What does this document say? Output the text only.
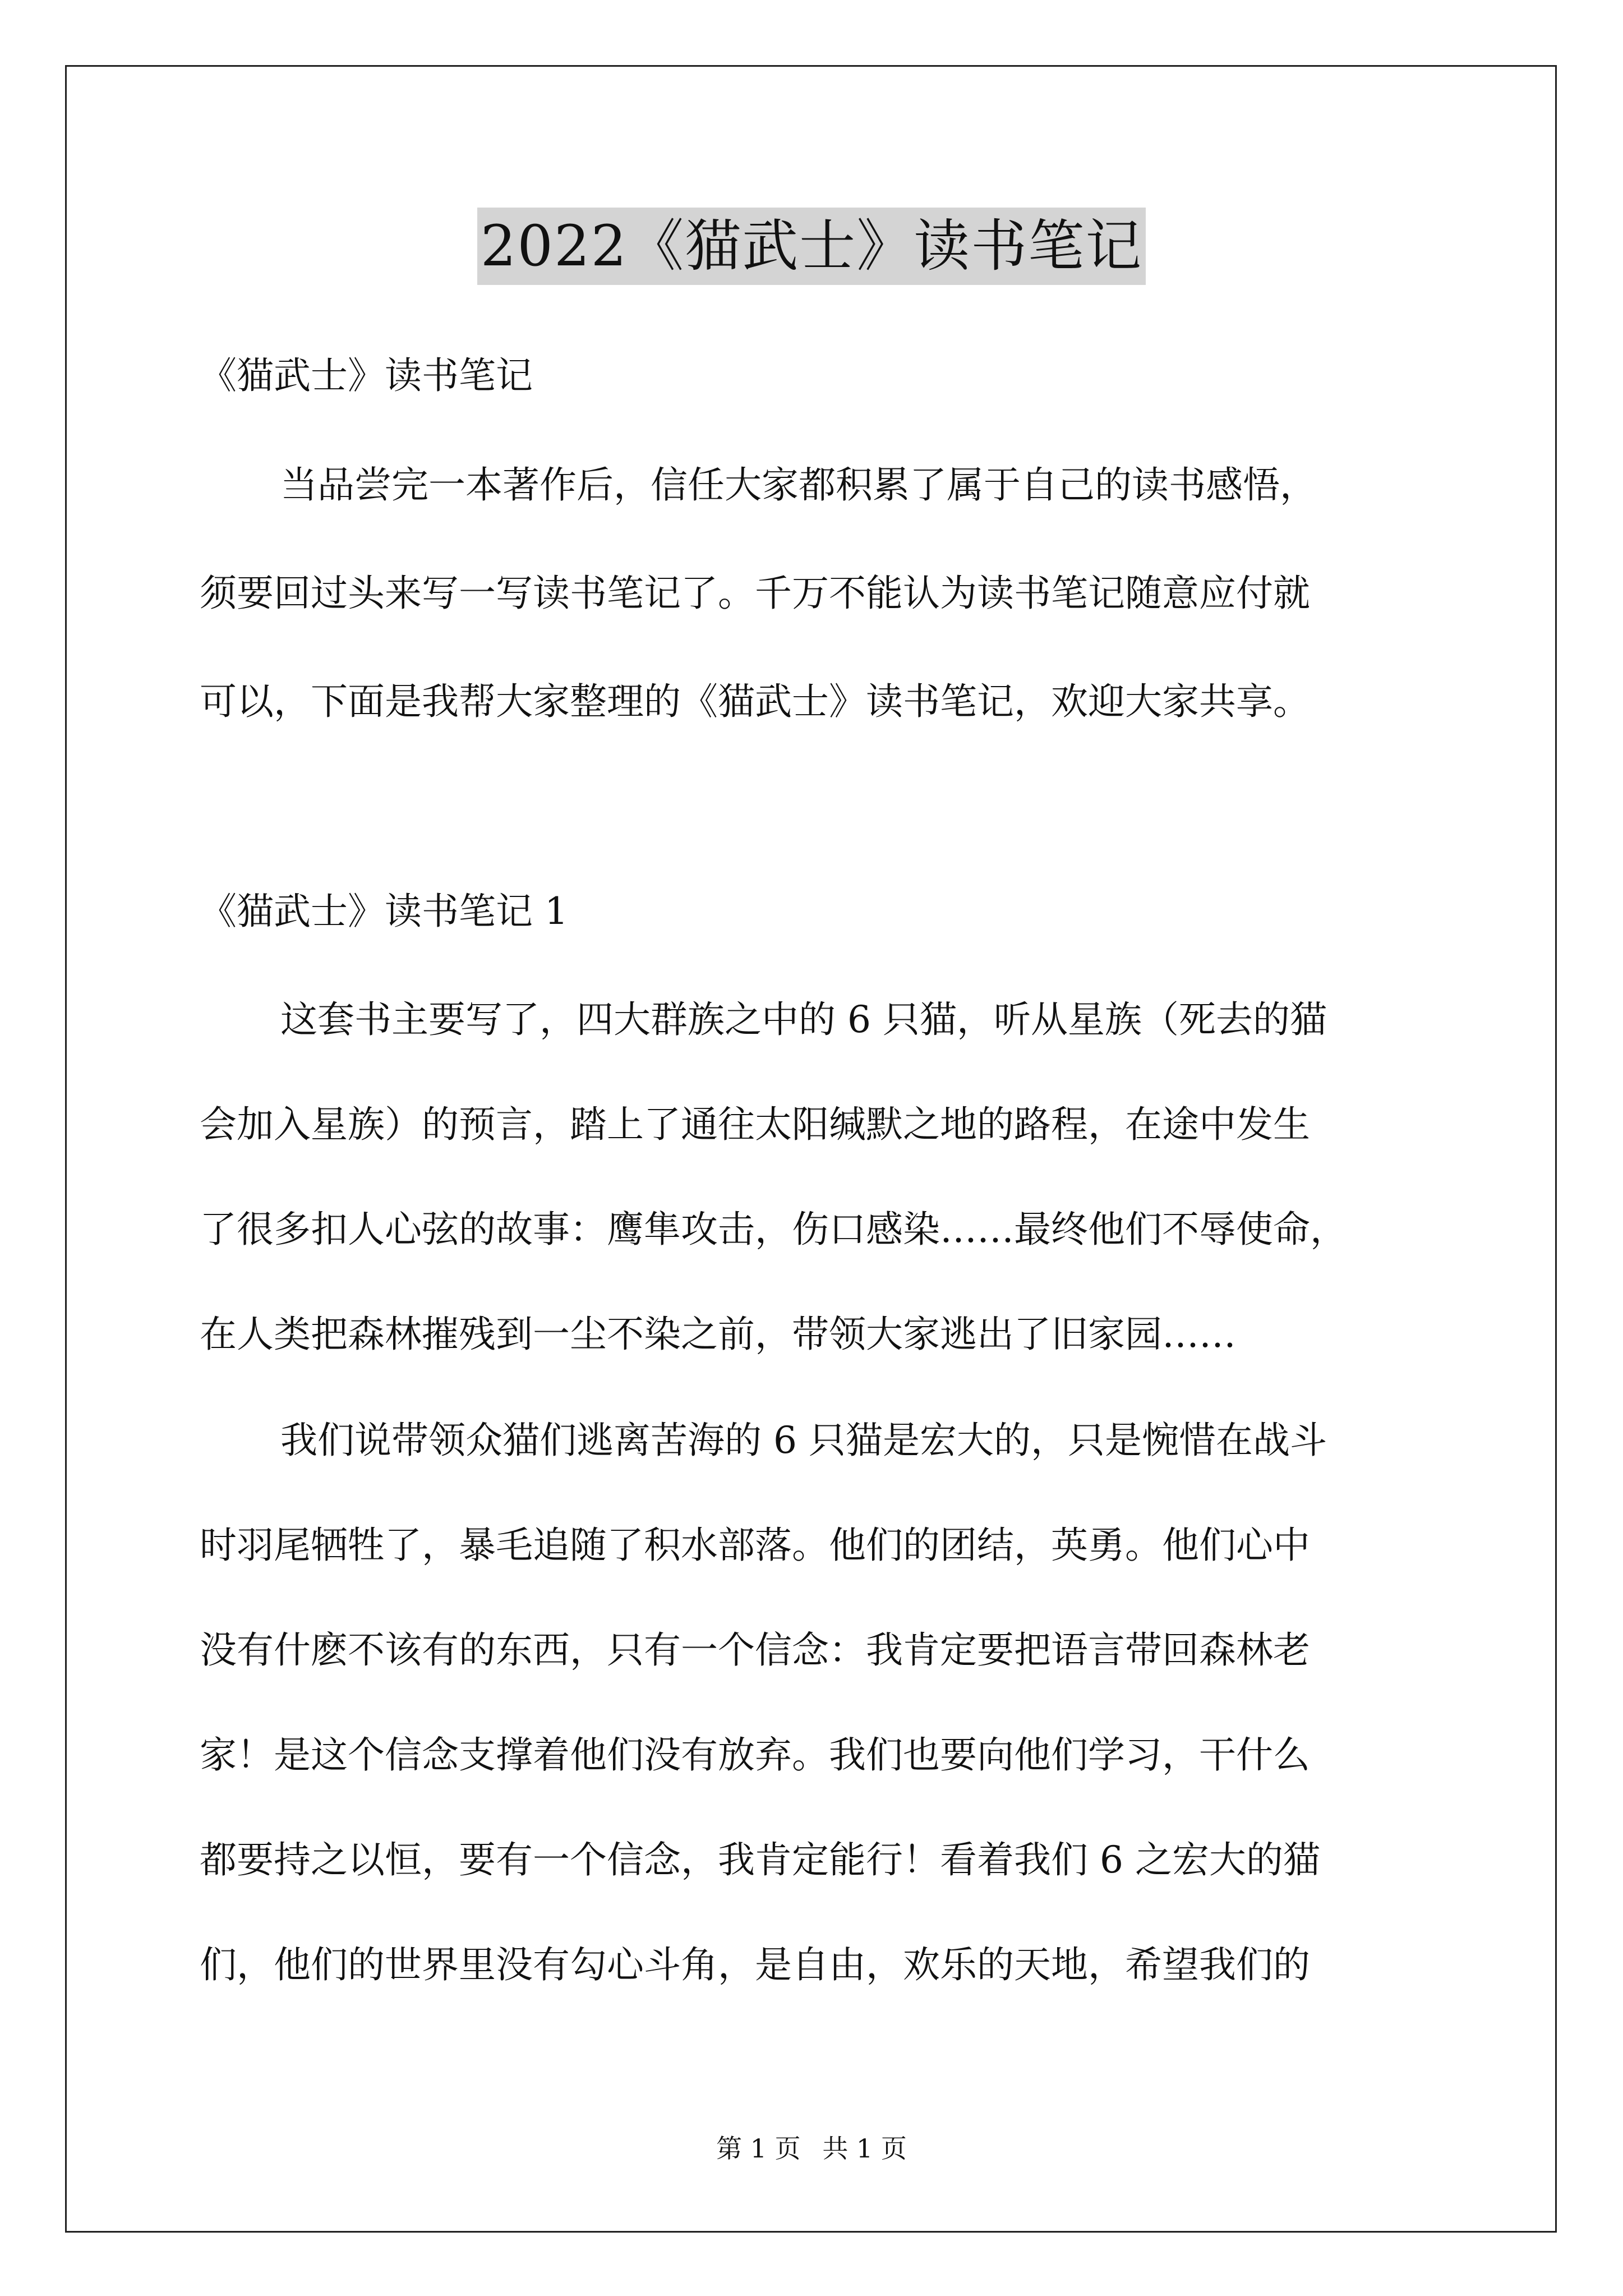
2022《猫武士》读书笔记
《猫武士》读书笔记
当品尝完一本著作后，信任大家都积累了属于自己的读书感悟，
须要回过头来写一写读书笔记了。千万不能认为读书笔记随意应付就
可以，下面是我帮大家整理的《猫武士》读书笔记，欢迎大家共享。
《猫武士》读书笔记 1
这套书主要写了，四大群族之中的 6 只猫，听从星族（死去的猫
会加入星族）的预言，踏上了通往太阳缄默之地的路程，在途中发生
了很多扣人心弦的故事：鹰隼攻击，伤口感染……最终他们不辱使命，
在人类把森林摧残到一尘不染之前，带领大家逃出了旧家园……
我们说带领众猫们逃离苦海的 6 只猫是宏大的，只是惋惜在战斗
时羽尾牺牲了，暴毛追随了积水部落。他们的团结，英勇。他们心中
没有什麽不该有的东西，只有一个信念：我肯定要把语言带回森林老
家！是这个信念支撑着他们没有放弃。我们也要向他们学习，干什么
都要持之以恒，要有一个信念，我肯定能行！看着我们 6 之宏大的猫
们，他们的世界里没有勾心斗角，是自由，欢乐的天地，希望我们的
第 1 页 共 1 页
